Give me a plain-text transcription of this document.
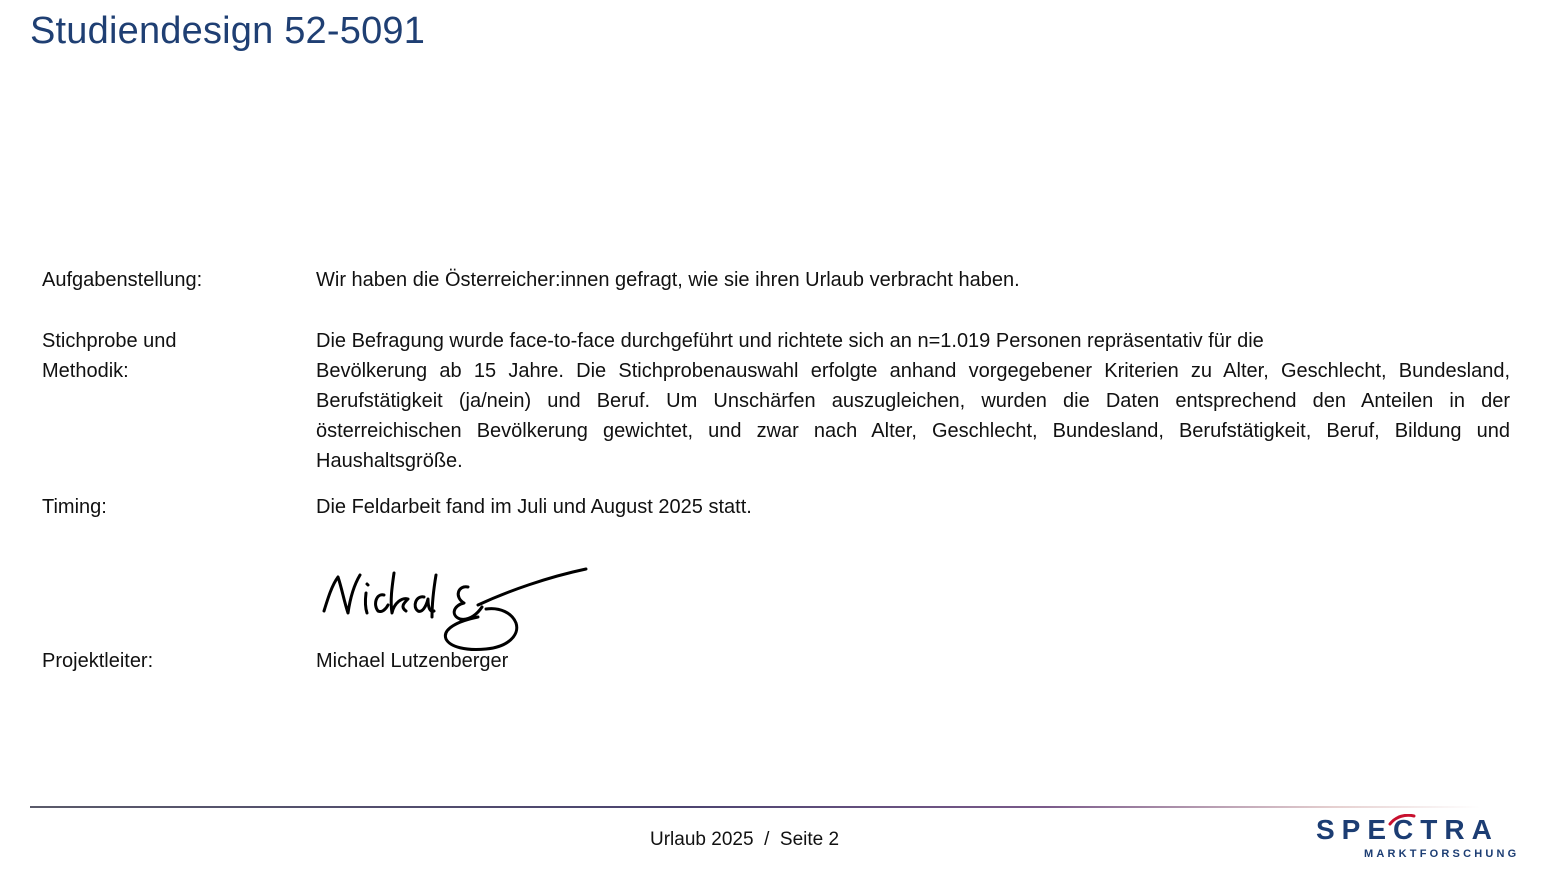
Studiendesign 52-5091
Aufgabenstellung:	Wir haben die Österreicher:innen gefragt, wie sie ihren Urlaub verbracht haben.
Stichprobe und
Methodik:
Die Befragung wurde face-to-face durchgeführt und richtete sich an n=1.019 Personen repräsentativ für die
Bevölkerung ab 15 Jahre. Die Stichprobenauswahl erfolgte anhand vorgegebener Kriterien zu Alter, Geschlecht, Bundesland,
Berufstätigkeit (ja/nein) und Beruf. Um Unschärfen auszugleichen, wurden die Daten entsprechend den Anteilen in der
österreichischen Bevölkerung gewichtet, und zwar nach Alter, Geschlecht, Bundesland, Berufstätigkeit, Beruf, Bildung und
Haushaltsgröße.
Timing:	Die Feldarbeit fand im Juli und August 2025 statt.
Projektleiter:	Michael Lutzenberger
Urlaub 2025  /  Seite 2	SPECTRA
MARKTFORSCHUNG
